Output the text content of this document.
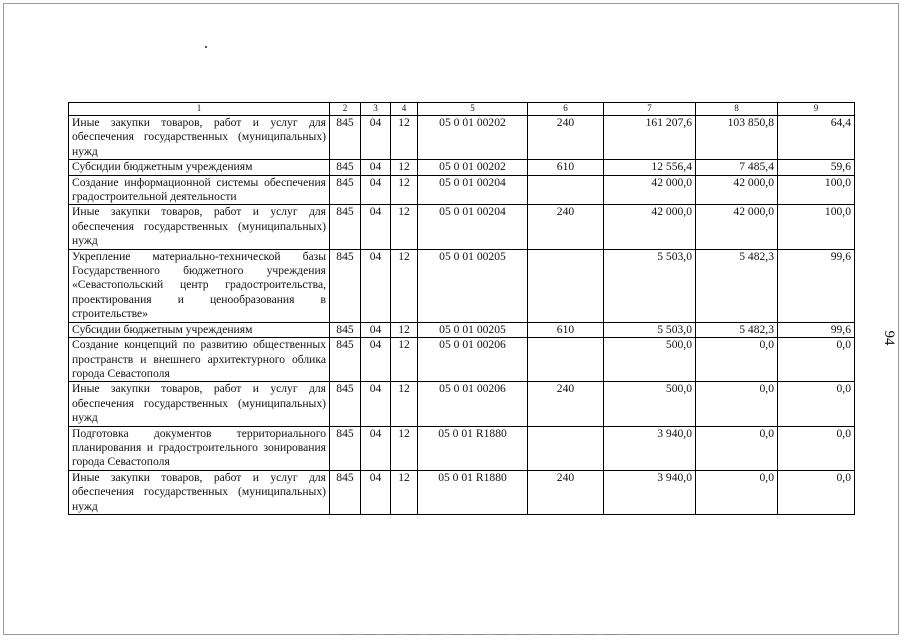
94
1	2	3	4	5	6	7	8	9
Иные закупки товаров, работ и услуг для обеспечения государственных (муниципальных) нужд	845	04	12	05 0 01 00202	240	161 207,6	103 850,8	64,4
Субсидии бюджетным учреждениям	845	04	12	05 0 01 00202	610	12 556,4	7 485,4	59,6
Создание информационной системы обеспечения градостроительной деятельности	845	04	12	05 0 01 00204		42 000,0	42 000,0	100,0
Иные закупки товаров, работ и услуг для обеспечения государственных (муниципальных) нужд	845	04	12	05 0 01 00204	240	42 000,0	42 000,0	100,0
Укрепление материально-технической базы Государственного бюджетного учреждения «Севастопольский центр градостроительства, проектирования и ценообразования в строительстве»	845	04	12	05 0 01 00205		5 503,0	5 482,3	99,6
Субсидии бюджетным учреждениям	845	04	12	05 0 01 00205	610	5 503,0	5 482,3	99,6
Создание концепций по развитию общественных пространств и внешнего архитектурного облика города Севастополя	845	04	12	05 0 01 00206		500,0	0,0	0,0
Иные закупки товаров, работ и услуг для обеспечения государственных (муниципальных) нужд	845	04	12	05 0 01 00206	240	500,0	0,0	0,0
Подготовка документов территориального планирования и градостроительного зонирования города Севастополя	845	04	12	05 0 01 R1880		3 940,0	0,0	0,0
Иные закупки товаров, работ и услуг для обеспечения государственных (муниципальных) нужд	845	04	12	05 0 01 R1880	240	3 940,0	0,0	0,0
